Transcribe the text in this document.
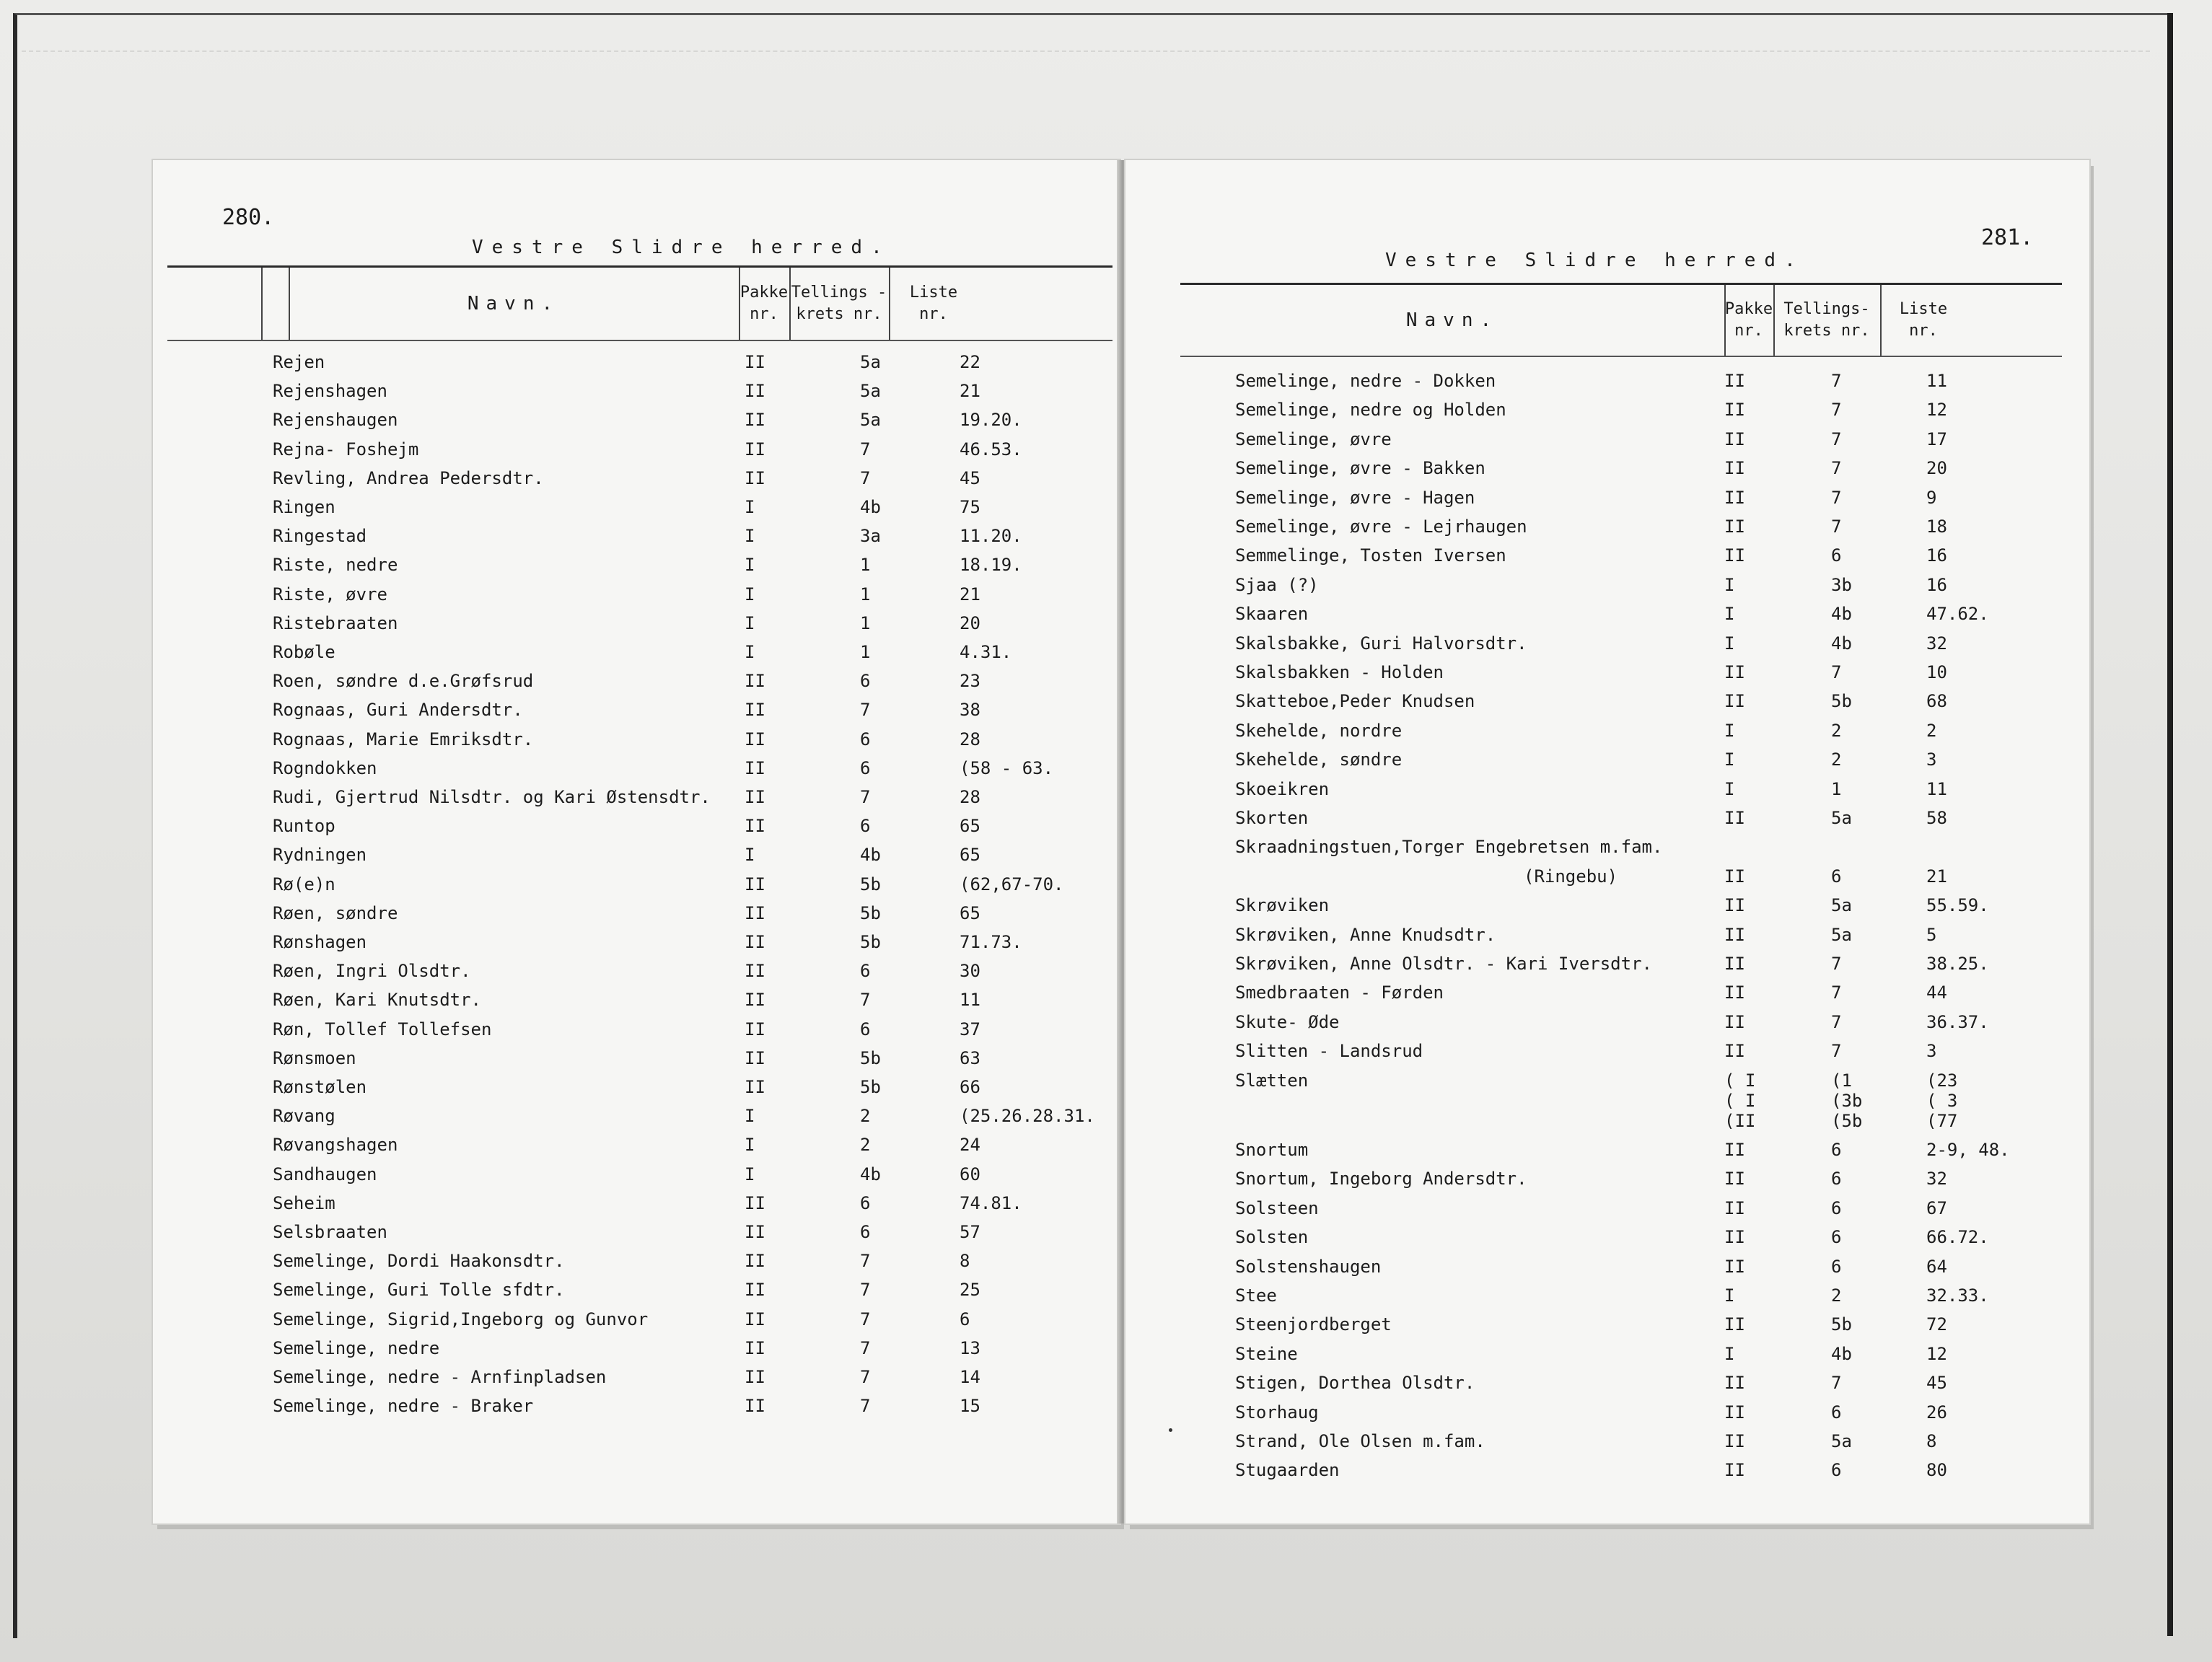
280.
Vestre Slidre herred.
Navn.
Pakke
nr.
Tellings -
krets nr.
Liste
nr.
Rejen	II	5a	22
Rejenshagen	II	5a	21
Rejenshaugen	II	5a	19.20.
Rejna- Foshejm	II	7	46.53.
Revling, Andrea Pedersdtr.	II	7	45
Ringen	I	4b	75
Ringestad	I	3a	11.20.
Riste, nedre	I	1	18.19.
Riste, øvre	I	1	21
Ristebraaten	I	1	20
Robøle	I	1	4.31.
Roen, søndre d.e.Grøfsrud	II	6	23
Rognaas, Guri Andersdtr.	II	7	38
Rognaas, Marie Emriksdtr.	II	6	28
Rogndokken	II	6	(58 - 63.
Rudi, Gjertrud Nilsdtr. og Kari Østensdtr. II	7	28
Runtop	II	6	65
Rydningen	I	4b	65
Rø(e)n	II	5b	(62,67-70.
Røen, søndre	II	5b	65
Rønshagen	II	5b	71.73.
Røen, Ingri Olsdtr.	II	6	30
Røen, Kari Knutsdtr.	II	7	11
Røn, Tollef Tollefsen	II	6	37
Rønsmoen	II	5b	63
Rønstølen	II	5b	66
Røvang	I	2	(25.26.28.31.
Røvangshagen	I	2	24
Sandhaugen	I	4b	60
Seheim	II	6	74.81.
Selsbraaten	II	6	57
Semelinge, Dordi Haakonsdtr.	II	7	8
Semelinge, Guri Tolle sfdtr.	II	7	25
Semelinge, Sigrid,Ingeborg og Gunvor	II	7	6
Semelinge, nedre	II	7	13
Semelinge, nedre - Arnfinpladsen	II	7	14
Semelinge, nedre - Braker	II	7	15
281.
Vestre Slidre herred.
Navn.
Pakke
nr.
Tellings-
krets nr.
Liste
nr.
Semelinge, nedre - Dokken	II	7	11
Semelinge, nedre og Holden	II	7	12
Semelinge, øvre	II	7	17
Semelinge, øvre - Bakken	II	7	20
Semelinge, øvre - Hagen	II	7	9
Semelinge, øvre - Lejrhaugen	II	7	18
Semmelinge, Tosten Iversen	II	6	16
Sjaa (?)	I	3b	16
Skaaren	I	4b	47.62.
Skalsbakke, Guri Halvorsdtr.	I	4b	32
Skalsbakken - Holden	II	7	10
Skatteboe,Peder Knudsen	II	5b	68
Skehelde, nordre	I	2	2
Skehelde, søndre	I	2	3
Skoeikren	I	1	11
Skorten	II	5a	58
Skraadningstuen,Torger Engebretsen m.fam.
(Ringebu)	II	6	21
Skrøviken	II	5a	55.59.
Skrøviken, Anne Knudsdtr.	II	5a	5
Skrøviken, Anne Olsdtr. - Kari Iversdtr.	II	7	38.25.
Smedbraaten - Førden	II	7	44
Skute- Øde	II	7	36.37.
Slitten - Landsrud	II	7	3
Slætten	( I	(1	(23
( I	(3b	( 3
(II	(5b	(77
Snortum	II	6	2-9, 48.
Snortum, Ingeborg Andersdtr.	II	6	32
Solsteen	II	6	67
Solsten	II	6	66.72.
Solstenshaugen	II	6	64
Stee	I	2	32.33.
Steenjordberget	II	5b	72
Steine	I	4b	12
Stigen, Dorthea Olsdtr.	II	7	45
Storhaug	II	6	26
Strand, Ole Olsen m.fam.	II	5a	8
Stugaarden	II	6	80
